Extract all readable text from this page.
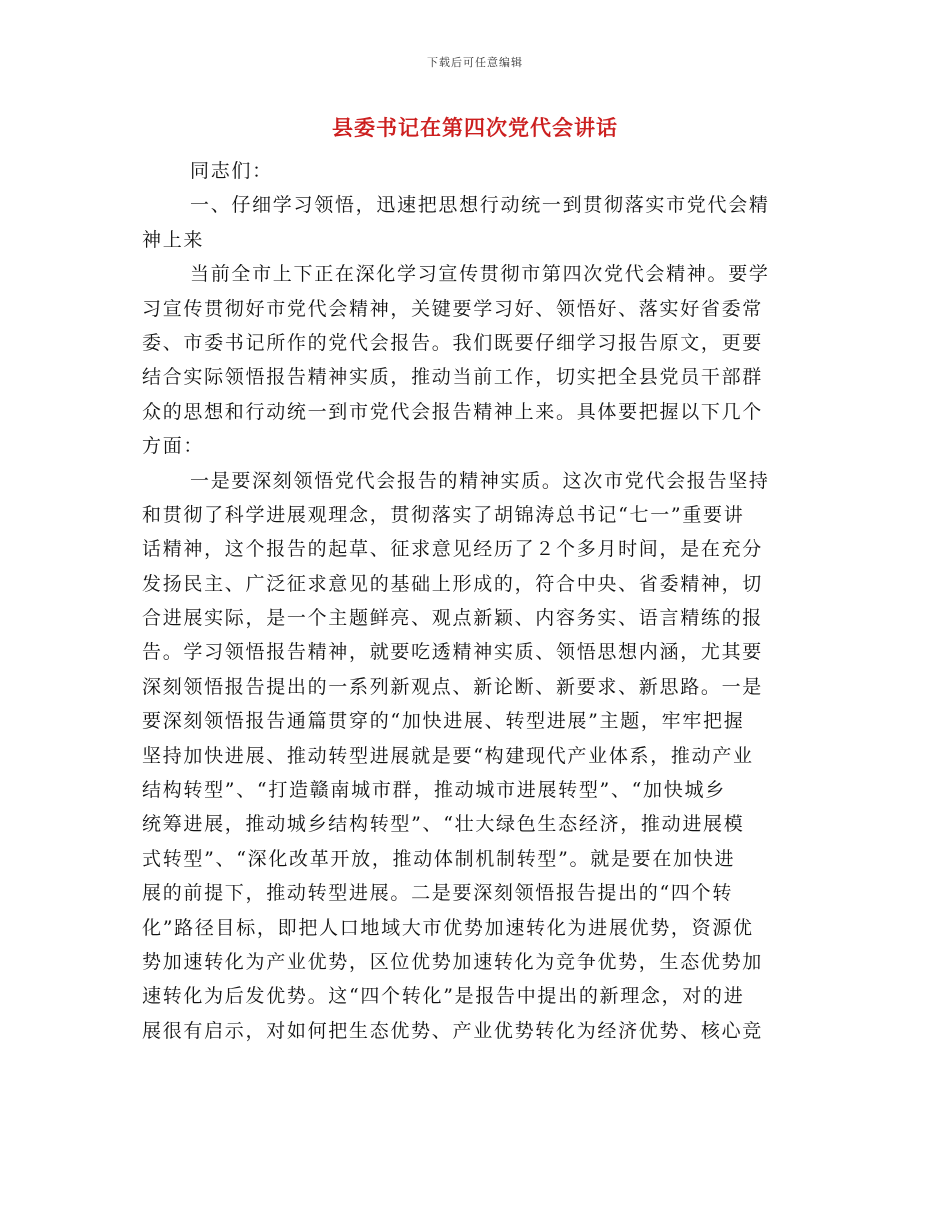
下载后可任意编辑
县委书记在第四次党代会讲话
同志们：
一、仔细学习领悟，迅速把思想行动统一到贯彻落实市党代会精
神上来
当前全市上下正在深化学习宣传贯彻市第四次党代会精神。要学
习宣传贯彻好市党代会精神，关键要学习好、领悟好、落实好省委常
委、市委书记所作的党代会报告。我们既要仔细学习报告原文，更要
结合实际领悟报告精神实质，推动当前工作，切实把全县党员干部群
众的思想和行动统一到市党代会报告精神上来。具体要把握以下几个
方面：
一是要深刻领悟党代会报告的精神实质。这次市党代会报告坚持
和贯彻了科学进展观理念，贯彻落实了胡锦涛总书记“七一”重要讲
话精神，这个报告的起草、征求意见经历了２个多月时间，是在充分
发扬民主、广泛征求意见的基础上形成的，符合中央、省委精神，切
合进展实际，是一个主题鲜亮、观点新颖、内容务实、语言精练的报
告。学习领悟报告精神，就要吃透精神实质、领悟思想内涵，尤其要
深刻领悟报告提出的一系列新观点、新论断、新要求、新思路。一是
要深刻领悟报告通篇贯穿的“加快进展、转型进展”主题，牢牢把握
坚持加快进展、推动转型进展就是要“构建现代产业体系，推动产业
结构转型”、“打造赣南城市群，推动城市进展转型”、“加快城乡
统筹进展，推动城乡结构转型”、“壮大绿色生态经济，推动进展模
式转型”、“深化改革开放，推动体制机制转型”。就是要在加快进
展的前提下，推动转型进展。二是要深刻领悟报告提出的“四个转
化”路径目标，即把人口地域大市优势加速转化为进展优势，资源优
势加速转化为产业优势，区位优势加速转化为竞争优势，生态优势加
速转化为后发优势。这“四个转化”是报告中提出的新理念，对的进
展很有启示，对如何把生态优势、产业优势转化为经济优势、核心竞
